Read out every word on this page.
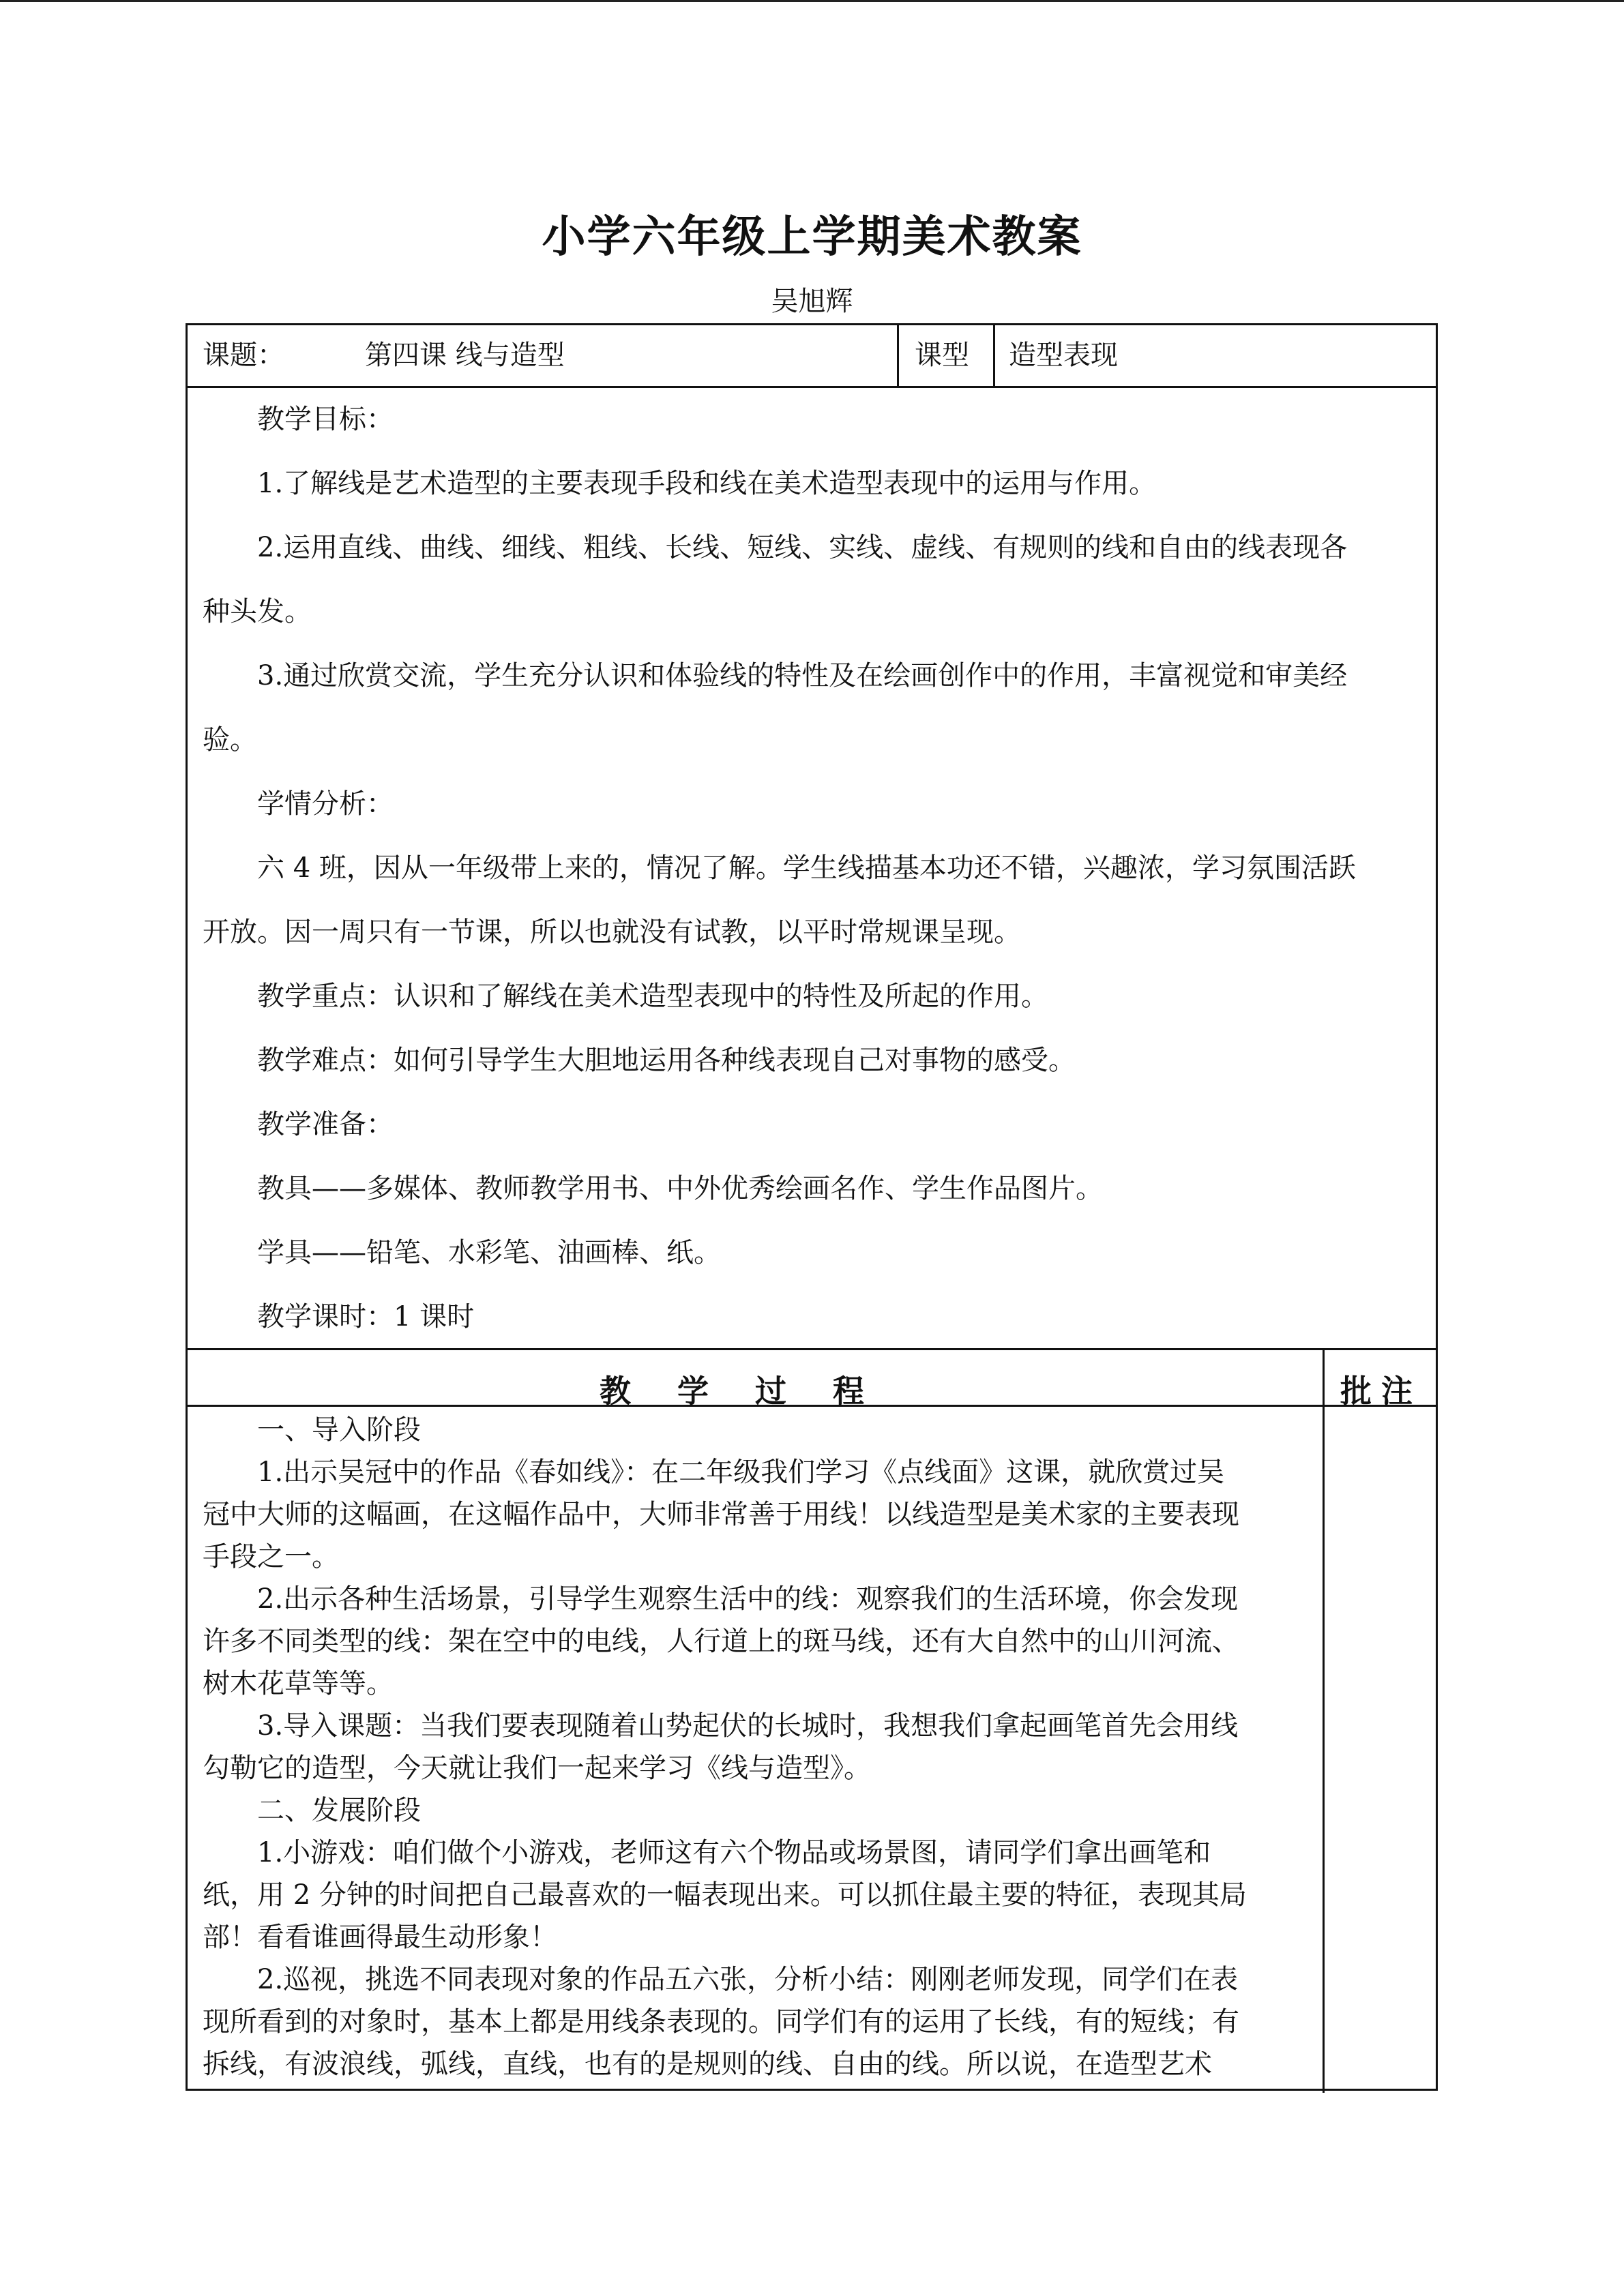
小学六年级上学期美术教案
吴旭辉
课题：	第四课 线与造型	课型 造型表现
教学目标：
1.了解线是艺术造型的主要表现手段和线在美术造型表现中的运用与作用。
2.运用直线、曲线、细线、粗线、长线、短线、实线、虚线、有规则的线和自由的线表现各
种头发。
3.通过欣赏交流，学生充分认识和体验线的特性及在绘画创作中的作用，丰富视觉和审美经
验。
学情分析：
六 4 班，因从一年级带上来的，情况了解。学生线描基本功还不错，兴趣浓，学习氛围活跃
开放。因一周只有一节课，所以也就没有试教，以平时常规课呈现。
教学重点：认识和了解线在美术造型表现中的特性及所起的作用。
教学难点：如何引导学生大胆地运用各种线表现自己对事物的感受。
教学准备：
教具——多媒体、教师教学用书、中外优秀绘画名作、学生作品图片。
学具——铅笔、水彩笔、油画棒、纸。
教学课时：1 课时
教学过程	批注
一、导入阶段
1.出示吴冠中的作品《春如线》：在二年级我们学习《点线面》这课，就欣赏过吴
冠中大师的这幅画，在这幅作品中，大师非常善于用线！以线造型是美术家的主要表现
手段之一。
2.出示各种生活场景，引导学生观察生活中的线：观察我们的生活环境，你会发现
许多不同类型的线：架在空中的电线，人行道上的斑马线，还有大自然中的山川河流、
树木花草等等。
3.导入课题：当我们要表现随着山势起伏的长城时，我想我们拿起画笔首先会用线
勾勒它的造型，今天就让我们一起来学习《线与造型》。
二、发展阶段
1.小游戏：咱们做个小游戏，老师这有六个物品或场景图，请同学们拿出画笔和
纸，用 2 分钟的时间把自己最喜欢的一幅表现出来。可以抓住最主要的特征，表现其局
部！看看谁画得最生动形象！
2.巡视，挑选不同表现对象的作品五六张，分析小结：刚刚老师发现，同学们在表
现所看到的对象时，基本上都是用线条表现的。同学们有的运用了长线，有的短线；有
拆线，有波浪线，弧线，直线，也有的是规则的线、自由的线。所以说，在造型艺术
